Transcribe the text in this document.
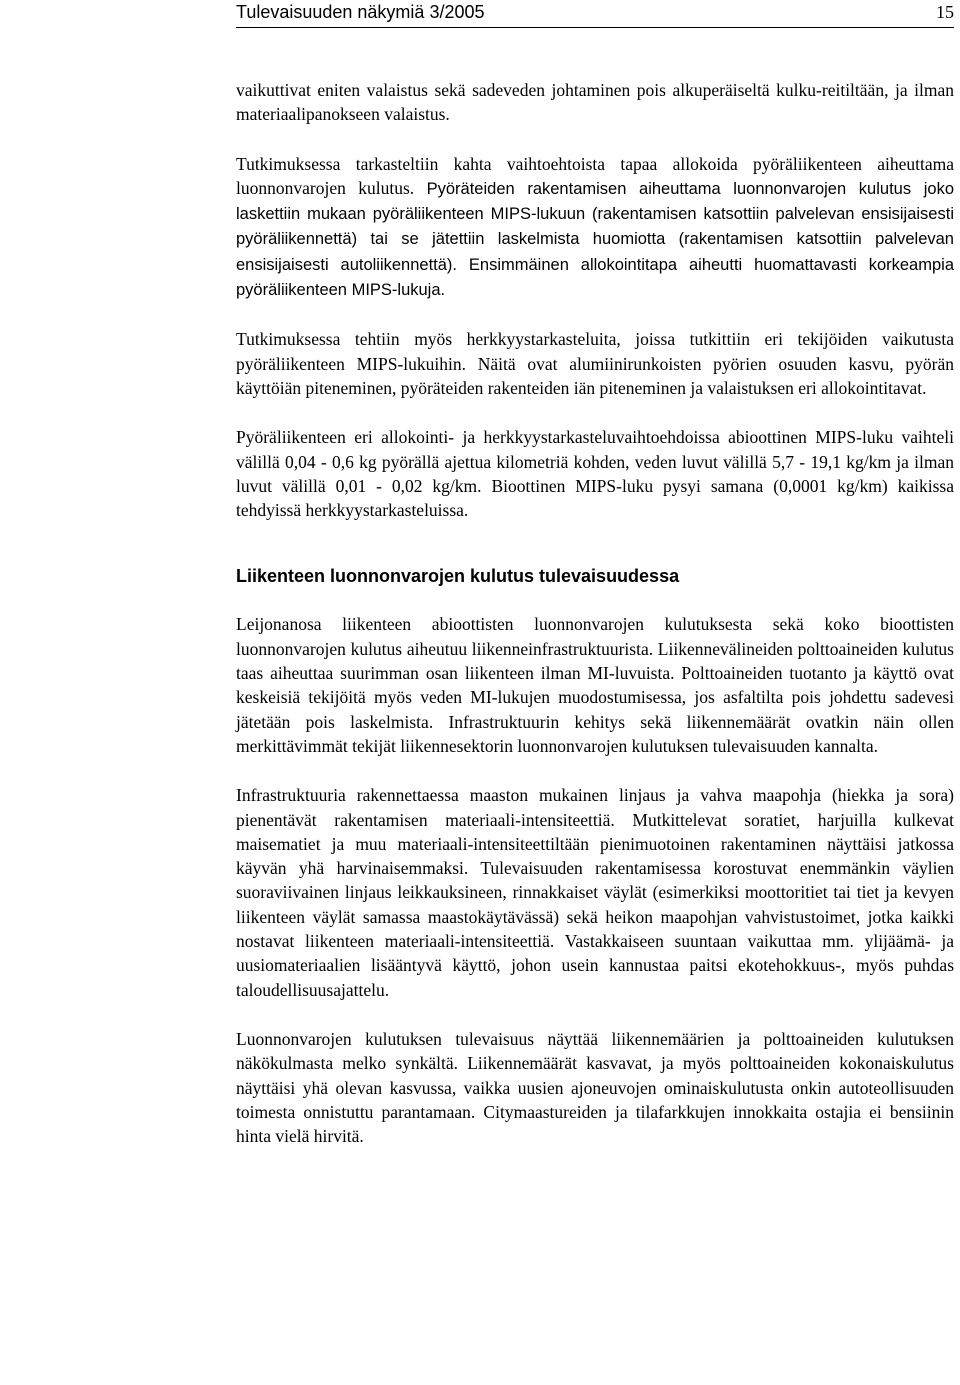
Tulevaisuuden näkymiä 3/2005	15

vaikuttivat eniten valaistus sekä sadeveden johtaminen pois alkuperäiseltä kulku-reitiltään, ja ilman materiaalipanokseen valaistus.

Tutkimuksessa tarkasteltiin kahta vaihtoehtoista tapaa allokoida pyöräliikenteen aiheuttama luonnonvarojen kulutus. Pyöräteiden rakentamisen aiheuttama luonnonvarojen kulutus joko laskettiin mukaan pyöräliikenteen MIPS-lukuun (rakentamisen katsottiin palvelevan ensisijaisesti pyöräliikennettä) tai se jätettiin laskelmista huomiotta (rakentamisen katsottiin palvelevan ensisijaisesti autoliikennettä). Ensimmäinen allokointitapa aiheutti huomattavasti korkeampia pyöräliikenteen MIPS-lukuja.

Tutkimuksessa tehtiin myös herkkyystarkasteluita, joissa tutkittiin eri tekijöiden vaikutusta pyöräliikenteen MIPS-lukuihin. Näitä ovat alumiinirunkoisten pyörien osuuden kasvu, pyörän käyttöiän piteneminen, pyöräteiden rakenteiden iän piteneminen ja valaistuksen eri allokointitavat.

Pyöräliikenteen eri allokointi- ja herkkyystarkasteluvaihtoehdoissa abioottinen MIPS-luku vaihteli välillä 0,04 - 0,6 kg pyörällä ajettua kilometriä kohden, veden luvut välillä 5,7 - 19,1 kg/km ja ilman luvut välillä 0,01 - 0,02 kg/km. Bioottinen MIPS-luku pysyi samana (0,0001 kg/km) kaikissa tehdyissä herkkyystarkasteluissa.

Liikenteen luonnonvarojen kulutus tulevaisuudessa

Leijonanosa liikenteen abioottisten luonnonvarojen kulutuksesta sekä koko bioottisten luonnonvarojen kulutus aiheutuu liikenneinfrastruktuurista. Liikennevälineiden polttoaineiden kulutus taas aiheuttaa suurimman osan liikenteen ilman MI-luvuista. Polttoaineiden tuotanto ja käyttö ovat keskeisiä tekijöitä myös veden MI-lukujen muodostumisessa, jos asfaltilta pois johdettu sadevesi jätetään pois laskelmista. Infrastruktuurin kehitys sekä liikennemäärät ovatkin näin ollen merkittävimmät tekijät liikennesektorin luonnonvarojen kulutuksen tulevaisuuden kannalta.

Infrastruktuuria rakennettaessa maaston mukainen linjaus ja vahva maapohja (hiekka ja sora) pienentävät rakentamisen materiaali-intensiteettiä. Mutkittelevat soratiet, harjuilla kulkevat maisematiet ja muu materiaali-intensiteettiltään pienimuotoinen rakentaminen näyttäisi jatkossa käyvän yhä harvinaisemmaksi. Tulevaisuuden rakentamisessa korostuvat enemmänkin väylien suoraviivainen linjaus leikkauksineen, rinnakkaiset väylät (esimerkiksi moottoritiet tai tiet ja kevyen liikenteen väylät samassa maastokäytävässä) sekä heikon maapohjan vahvistustoimet, jotka kaikki nostavat liikenteen materiaali-intensiteettiä. Vastakkaiseen suuntaan vaikuttaa mm. ylijäämä- ja uusiomateriaalien lisääntyvä käyttö, johon usein kannustaa paitsi ekotehokkuus-, myös puhdas taloudellisuusajattelu.

Luonnonvarojen kulutuksen tulevaisuus näyttää liikennemäärien ja polttoaineiden kulutuksen näkökulmasta melko synkältä. Liikennemäärät kasvavat, ja myös polttoaineiden kokonaiskulutus näyttäisi yhä olevan kasvussa, vaikka uusien ajoneuvojen ominaiskulutusta onkin autoteollisuuden toimesta onnistuttu parantamaan. Citymaastureiden ja tilafarkkujen innokkaita ostajia ei bensiinin hinta vielä hirvitä.
